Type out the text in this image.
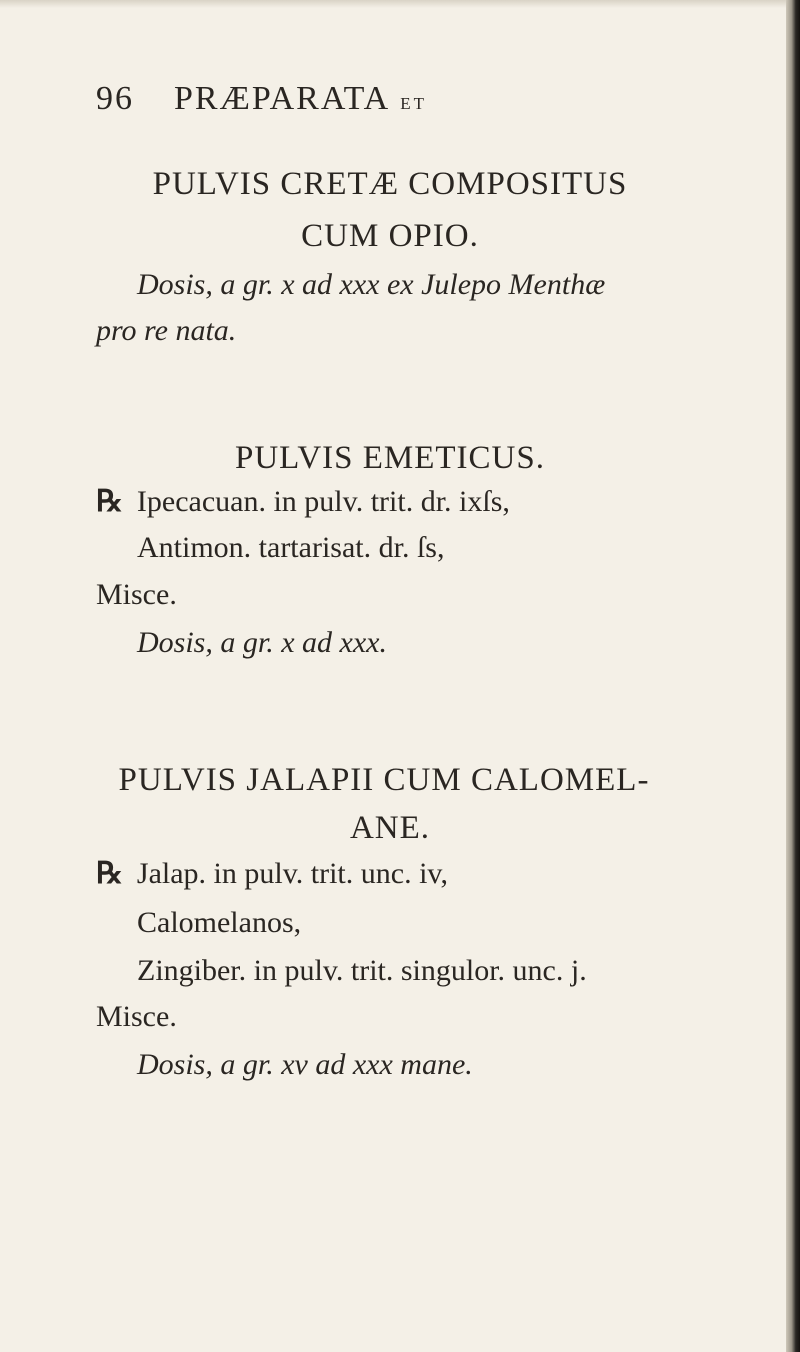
96 PRÆPARATA ET
PULVIS CRETÆ COMPOSITUS
CUM OPIO.
Dosis, a gr. x ad xxx ex Julepo Menthæ
pro re nata.
PULVIS EMETICUS.
℞ Ipecacuan. in pulv. trit. dr. ixſs,
Antimon. tartarisat. dr. ſs,
Misce.
Dosis, a gr. x ad xxx.
PULVIS JALAPII CUM CALOMEL-
ANE.
℞ Jalap. in pulv. trit. unc. iv,
Calomelanos,
Zingiber. in pulv. trit. singulor. unc. j.
Misce.
Dosis, a gr. xv ad xxx mane.
